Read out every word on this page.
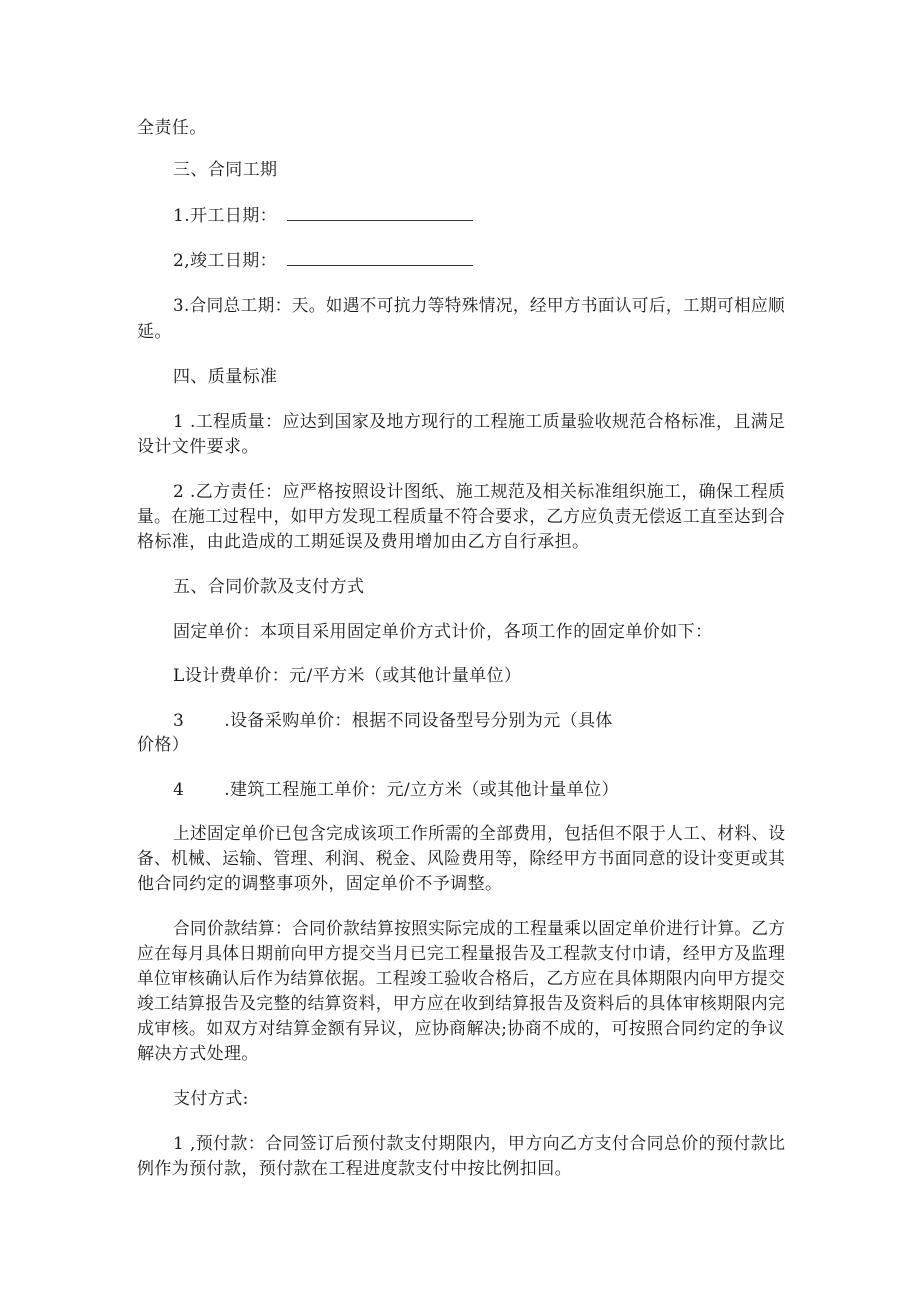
全责任。
三、合同工期
1.开工日期：
2,竣工日期：
3.合同总工期：天。如遇不可抗力等特殊情况，经甲方书面认可后，工期可相应顺
延。
四、质量标准
1 .工程质量：应达到国家及地方现行的工程施工质量验收规范合格标准，且满足
设计文件要求。
2 .乙方责任：应严格按照设计图纸、施工规范及相关标准组织施工，确保工程质
量。在施工过程中，如甲方发现工程质量不符合要求，乙方应负责无偿返工直至达到合
格标准，由此造成的工期延误及费用增加由乙方自行承担。
五、合同价款及支付方式
固定单价：本项目采用固定单价方式计价，各项工作的固定单价如下：
L设计费单价：元/平方米（或其他计量单位）
3 .设备采购单价：根据不同设备型号分别为元（具体
价格）
4 .建筑工程施工单价：元/立方米（或其他计量单位）
上述固定单价已包含完成该项工作所需的全部费用，包括但不限于人工、材料、设
备、机械、运输、管理、利润、税金、风险费用等，除经甲方书面同意的设计变更或其
他合同约定的调整事项外，固定单价不予调整。
合同价款结算：合同价款结算按照实际完成的工程量乘以固定单价进行计算。乙方
应在每月具体日期前向甲方提交当月已完工程量报告及工程款支付巾请，经甲方及监理
单位审核确认后作为结算依据。工程竣工验收合格后，乙方应在具体期限内向甲方提交
竣工结算报告及完整的结算资料，甲方应在收到结算报告及资料后的具体审核期限内完
成审核。如双方对结算金额有异议，应协商解决;协商不成的，可按照合同约定的争议
解决方式处理。
支付方式:
1 ,预付款：合同签订后预付款支付期限内，甲方向乙方支付合同总价的预付款比
例作为预付款，预付款在工程进度款支付中按比例扣回。
